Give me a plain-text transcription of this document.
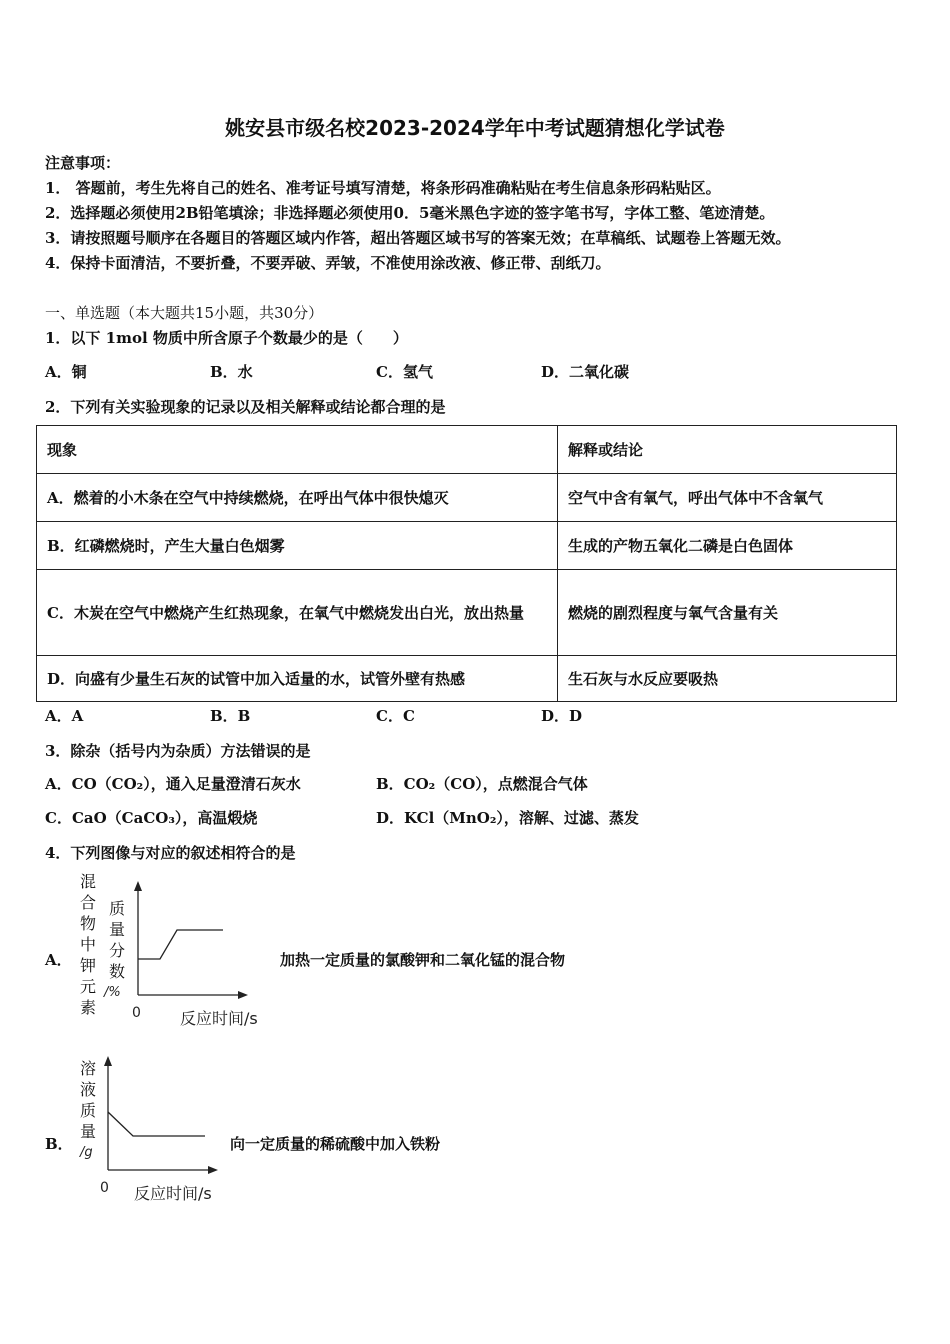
姚安县市级名校2023-2024学年中考试题猜想化学试卷
注意事项：
1． 答题前，考生先将自己的姓名、准考证号填写清楚，将条形码准确粘贴在考生信息条形码粘贴区。
2．选择题必须使用2B铅笔填涂；非选择题必须使用0．5毫米黑色字迹的签字笔书写，字体工整、笔迹清楚。
3．请按照题号顺序在各题目的答题区域内作答，超出答题区域书写的答案无效；在草稿纸、试题卷上答题无效。
4．保持卡面清洁，不要折叠，不要弄破、弄皱，不准使用涂改液、修正带、刮纸刀。
一、单选题（本大题共15小题，共30分）
1．以下 1mol 物质中所含原子个数最少的是（　　）
A．铜	B．水	C．氢气	D．二氧化碳
2．下列有关实验现象的记录以及相关解释或结论都合理的是
现象	解释或结论
A．燃着的小木条在空气中持续燃烧，在呼出气体中很快熄灭	空气中含有氧气，呼出气体中不含氧气
B．红磷燃烧时，产生大量白色烟雾	生成的产物五氧化二磷是白色固体

C．木炭在空气中燃烧产生红热现象，在氧气中燃烧发出白光，放出热量	燃烧的剧烈程度与氧气含量有关
D．向盛有少量生石灰的试管中加入适量的水，试管外壁有热感	生石灰与水反应要吸热
A．A	B．B	C．C	D．D
3．除杂（括号内为杂质）方法错误的是
A．CO（CO₂），通入足量澄清石灰水	B．CO₂（CO），点燃混合气体
C．CaO（CaCO₃），高温煅烧	D．KCl（MnO₂），溶解、过滤、蒸发
4．下列图像与对应的叙述相符合的是
A．
混合物中钾元素
质量分数
/%
0 反应时间/s
加热一定质量的氯酸钾和二氧化锰的混合物
B．
溶液质量
/g
0 反应时间/s
向一定质量的稀硫酸中加入铁粉
